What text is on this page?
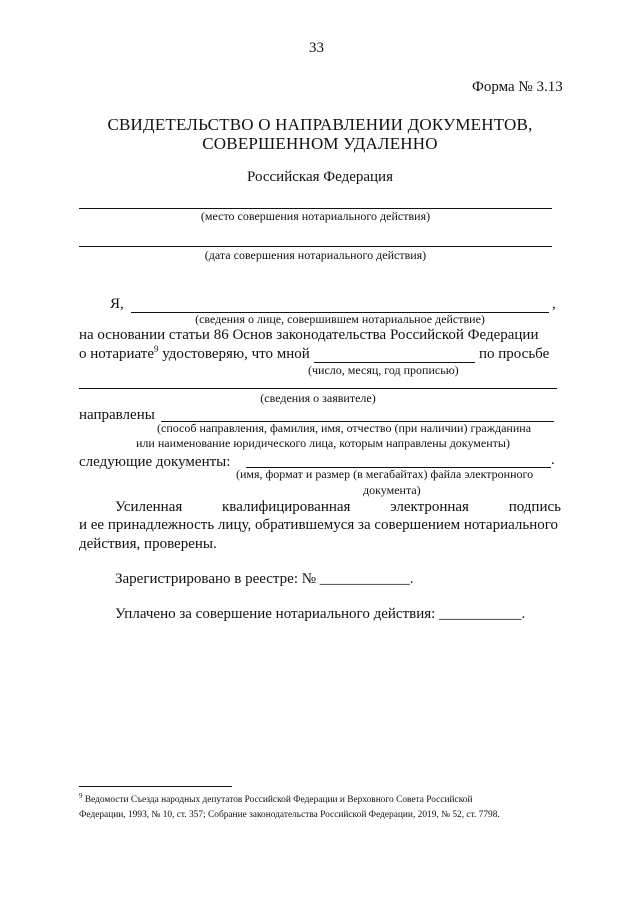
33
Форма № 3.13
СВИДЕТЕЛЬСТВО О НАПРАВЛЕНИИ ДОКУМЕНТОВ,
СОВЕРШЕННОМ УДАЛЕННО
Российская Федерация
(место совершения нотариального действия)
(дата совершения нотариального действия)
Я,	,
(сведения о лице, совершившем нотариальное действие)
на основании статьи 86 Основ законодательства Российской Федерации
о нотариате$^9$ удостоверяю, что мной	по просьбе
(число, месяц, год прописью)
(сведения о заявителе)
направлены
(способ направления, фамилия, имя, отчество (при наличии) гражданина
или наименование юридического лица, которым направлены документы)
следующие документы:	.
(имя, формат и размер (в мегабайтах) файла электронного
документа)
Усиленная	квалифицированная	электронная	подпись
и ее принадлежность лицу, обратившемуся за совершением нотариального
действия, проверены.
Зарегистрировано в реестре: № ____________.
Уплачено за совершение нотариального действия: ___________.
$^9$ Ведомости Съезда народных депутатов Российской Федерации и Верховного Совета Российской
Федерации, 1993, № 10, ст. 357; Собрание законодательства Российской Федерации, 2019, № 52, ст. 7798.
